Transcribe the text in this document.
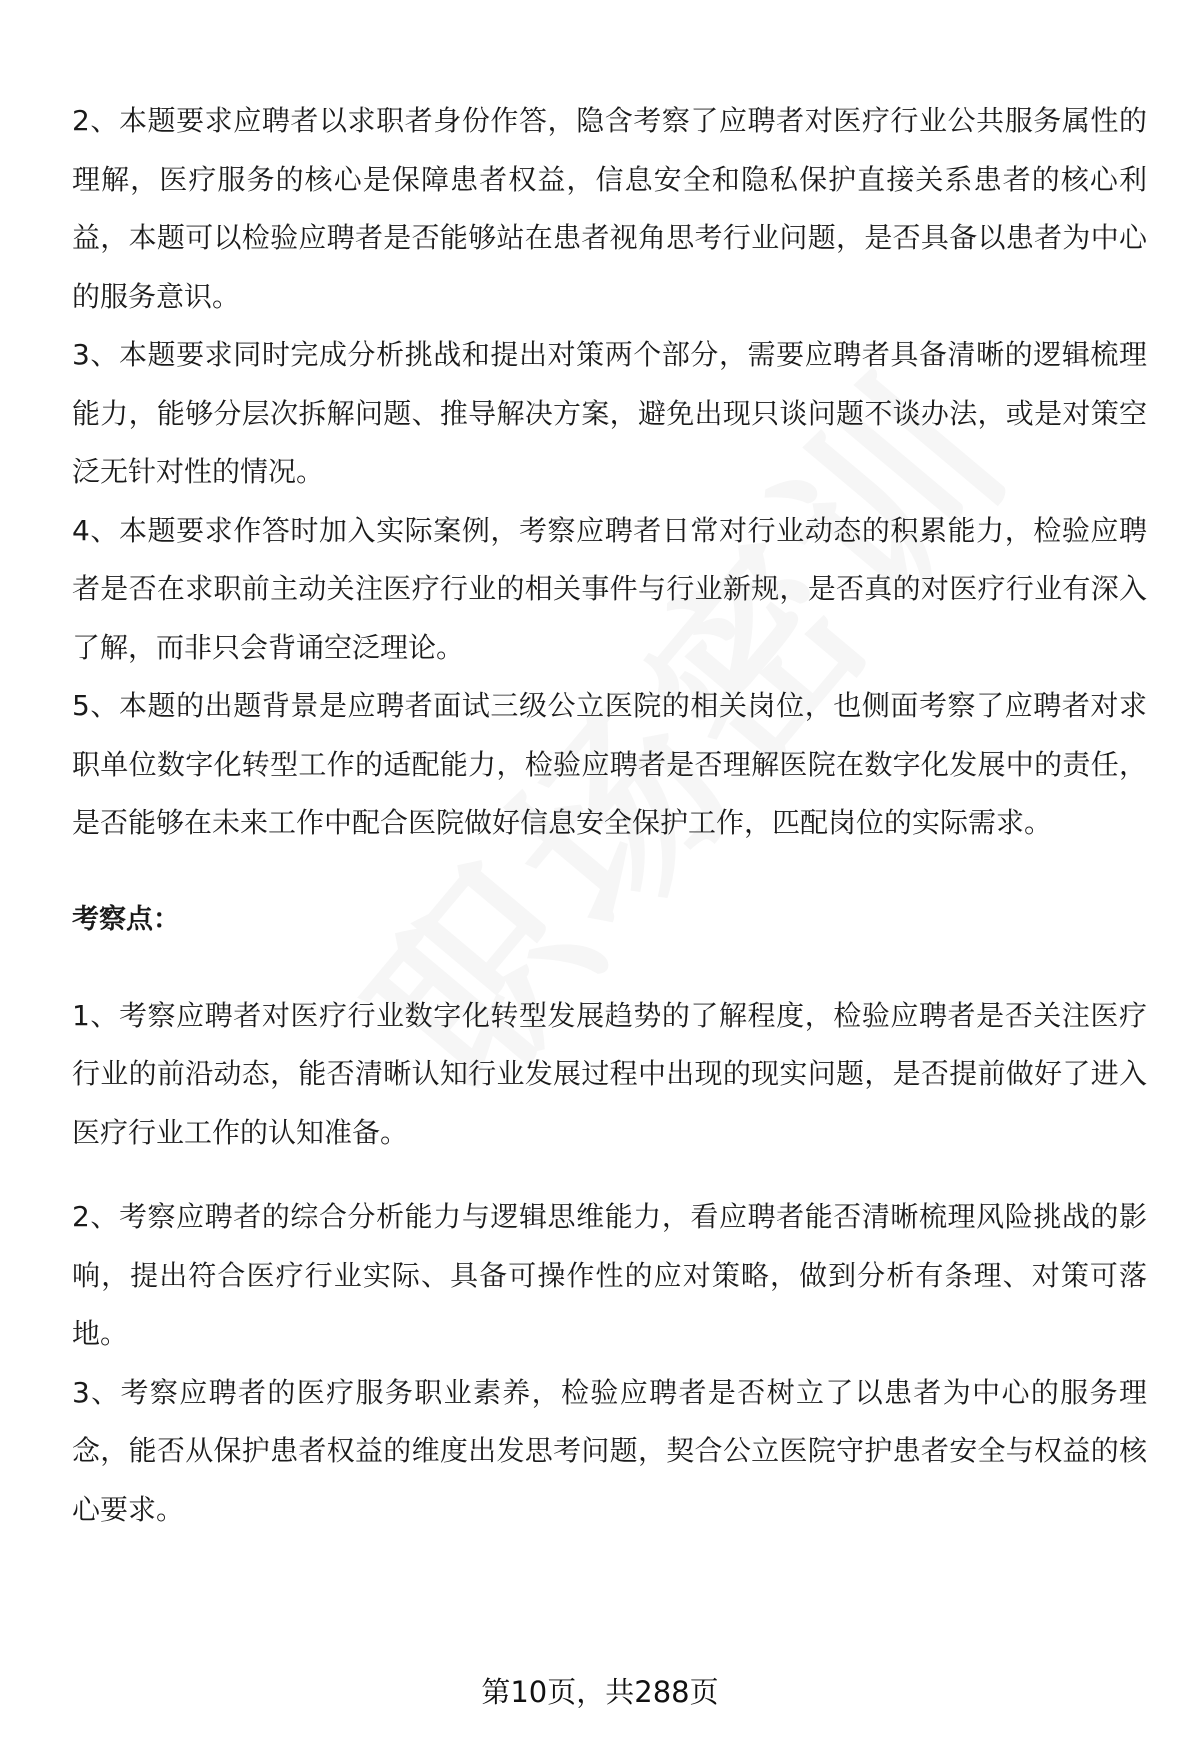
2、本题要求应聘者以求职者身份作答，隐含考察了应聘者对医疗行业公共服务属性的理解，医疗服务的核心是保障患者权益，信息安全和隐私保护直接关系患者的核心利益，本题可以检验应聘者是否能够站在患者视角思考行业问题，是否具备以患者为中心的服务意识。

3、本题要求同时完成分析挑战和提出对策两个部分，需要应聘者具备清晰的逻辑梳理能力，能够分层次拆解问题、推导解决方案，避免出现只谈问题不谈办法，或是对策空泛无针对性的情况。

4、本题要求作答时加入实际案例，考察应聘者日常对行业动态的积累能力，检验应聘者是否在求职前主动关注医疗行业的相关事件与行业新规，是否真的对医疗行业有深入了解，而非只会背诵空泛理论。

5、本题的出题背景是应聘者面试三级公立医院的相关岗位，也侧面考察了应聘者对求职单位数字化转型工作的适配能力，检验应聘者是否理解医院在数字化发展中的责任，是否能够在未来工作中配合医院做好信息安全保护工作，匹配岗位的实际需求。

考察点：

1、考察应聘者对医疗行业数字化转型发展趋势的了解程度，检验应聘者是否关注医疗行业的前沿动态，能否清晰认知行业发展过程中出现的现实问题，是否提前做好了进入医疗行业工作的认知准备。

2、考察应聘者的综合分析能力与逻辑思维能力，看应聘者能否清晰梳理风险挑战的影响，提出符合医疗行业实际、具备可操作性的应对策略，做到分析有条理、对策可落地。

3、考察应聘者的医疗服务职业素养，检验应聘者是否树立了以患者为中心的服务理念，能否从保护患者权益的维度出发思考问题，契合公立医院守护患者安全与权益的核心要求。

第10页，共288页
